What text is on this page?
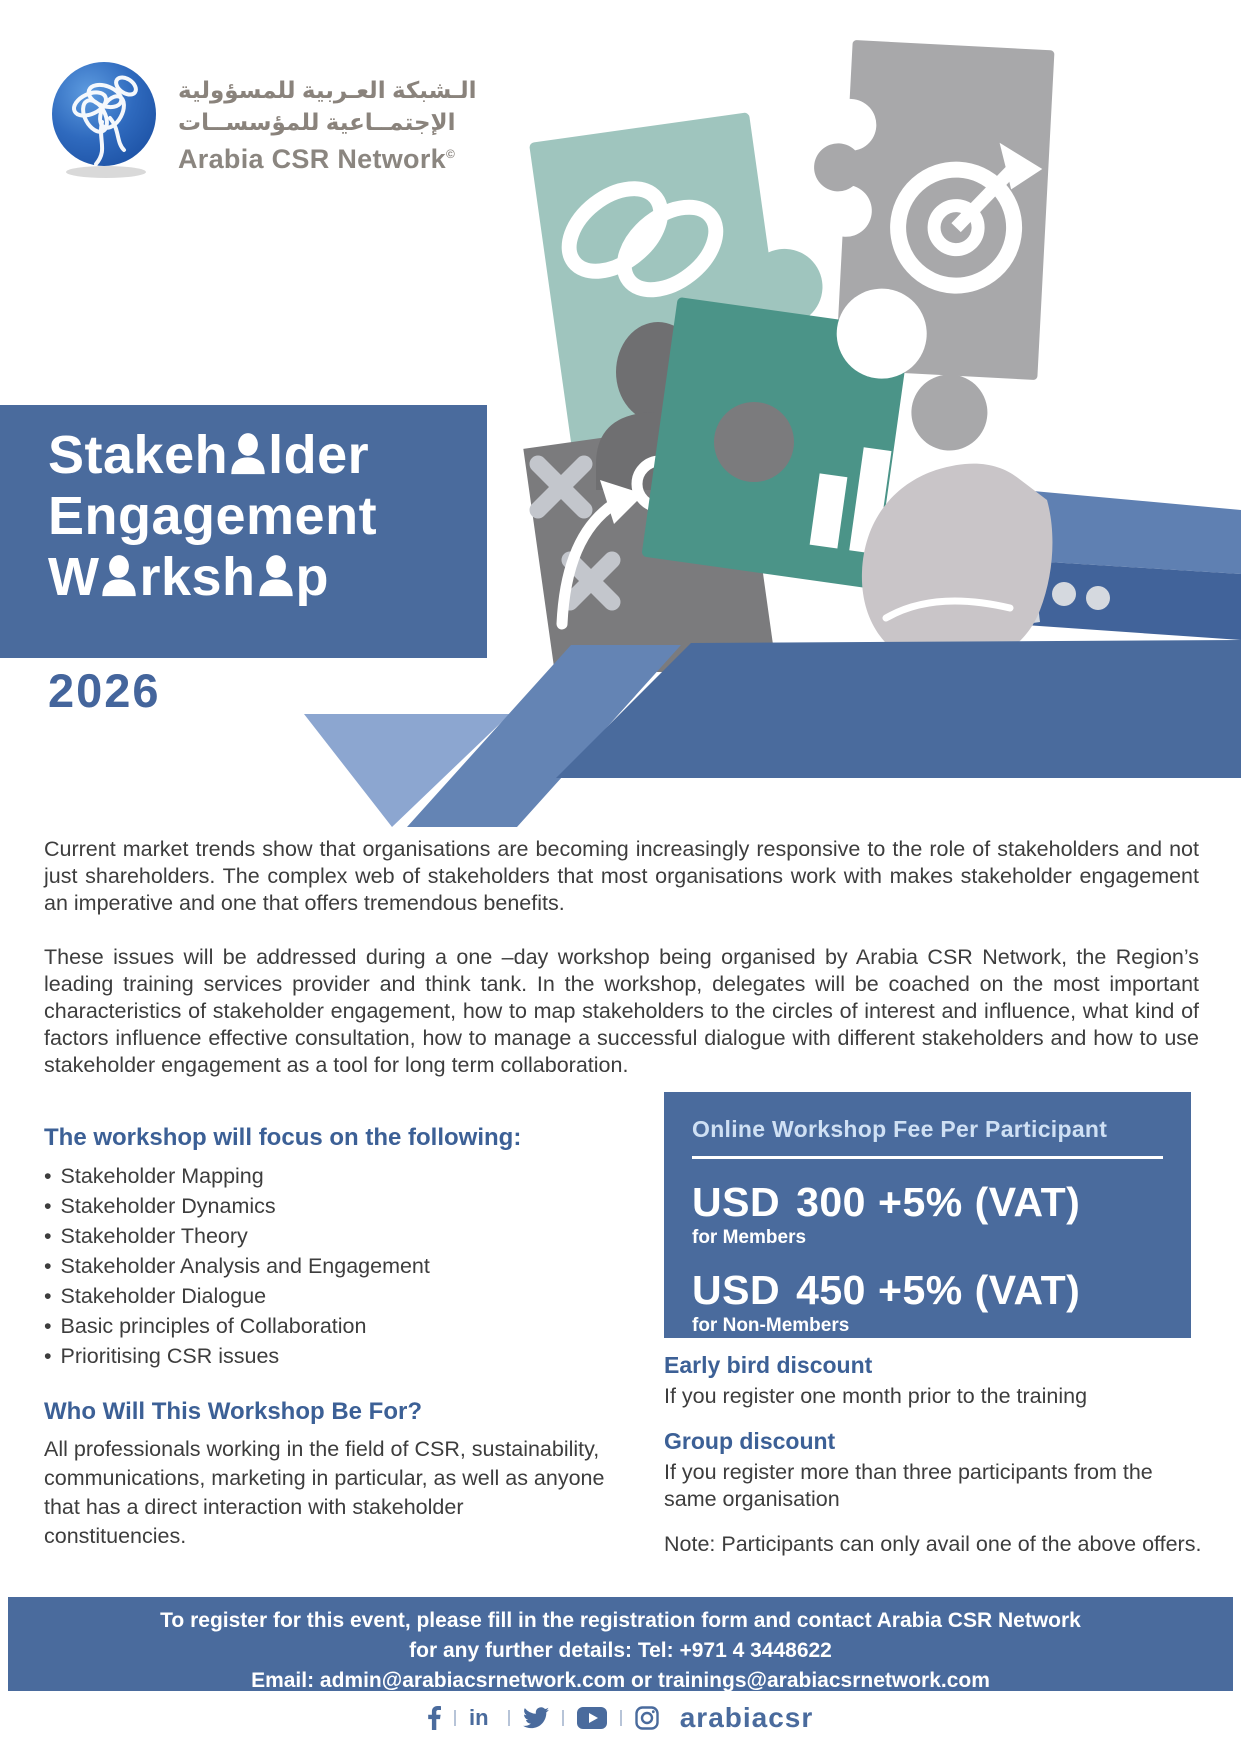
الـشبكة العـربية للمسؤولية
الإجتمــاعية للمؤسســات
Arabia CSR Network©
Stakeh lder
Engagement
W rksh p
2026

Current market trends show that organisations are becoming increasingly responsive to the role of stakeholders and not just shareholders. The complex web of stakeholders that most organisations work with makes stakeholder engagement an imperative and one that offers tremendous benefits.

These issues will be addressed during a one –day workshop being organised by Arabia CSR Network, the Region’s leading training services provider and think tank. In the workshop, delegates will be coached on the most important characteristics of stakeholder engagement, how to map stakeholders to the circles of interest and influence, what kind of factors influence effective consultation, how to manage a successful dialogue with different stakeholders and how to use stakeholder engagement as a tool for long term collaboration.

The workshop will focus on the following:
• Stakeholder Mapping
• Stakeholder Dynamics
• Stakeholder Theory
• Stakeholder Analysis and Engagement
• Stakeholder Dialogue
• Basic principles of Collaboration
• Prioritising CSR issues
Who Will This Workshop Be For?

All professionals working in the field of CSR, sustainability, communications, marketing in particular, as well as anyone that has a direct interaction with stakeholder constituencies.

Online Workshop Fee Per Participant
USD 300 +5% (VAT)
for Members
USD 450 +5% (VAT)
for Non-Members
Early bird discount

If you register one month prior to the training

Group discount

If you register more than three participants from the same organisation

Note: Participants can only avail one of the above offers.

To register for this event, please fill in the registration form and contact Arabia CSR Network
for any further details: Tel: +971 4 3448622
Email: admin@arabiacsrnetwork.com or trainings@arabiacsrnetwork.com
in	arabiacsr
